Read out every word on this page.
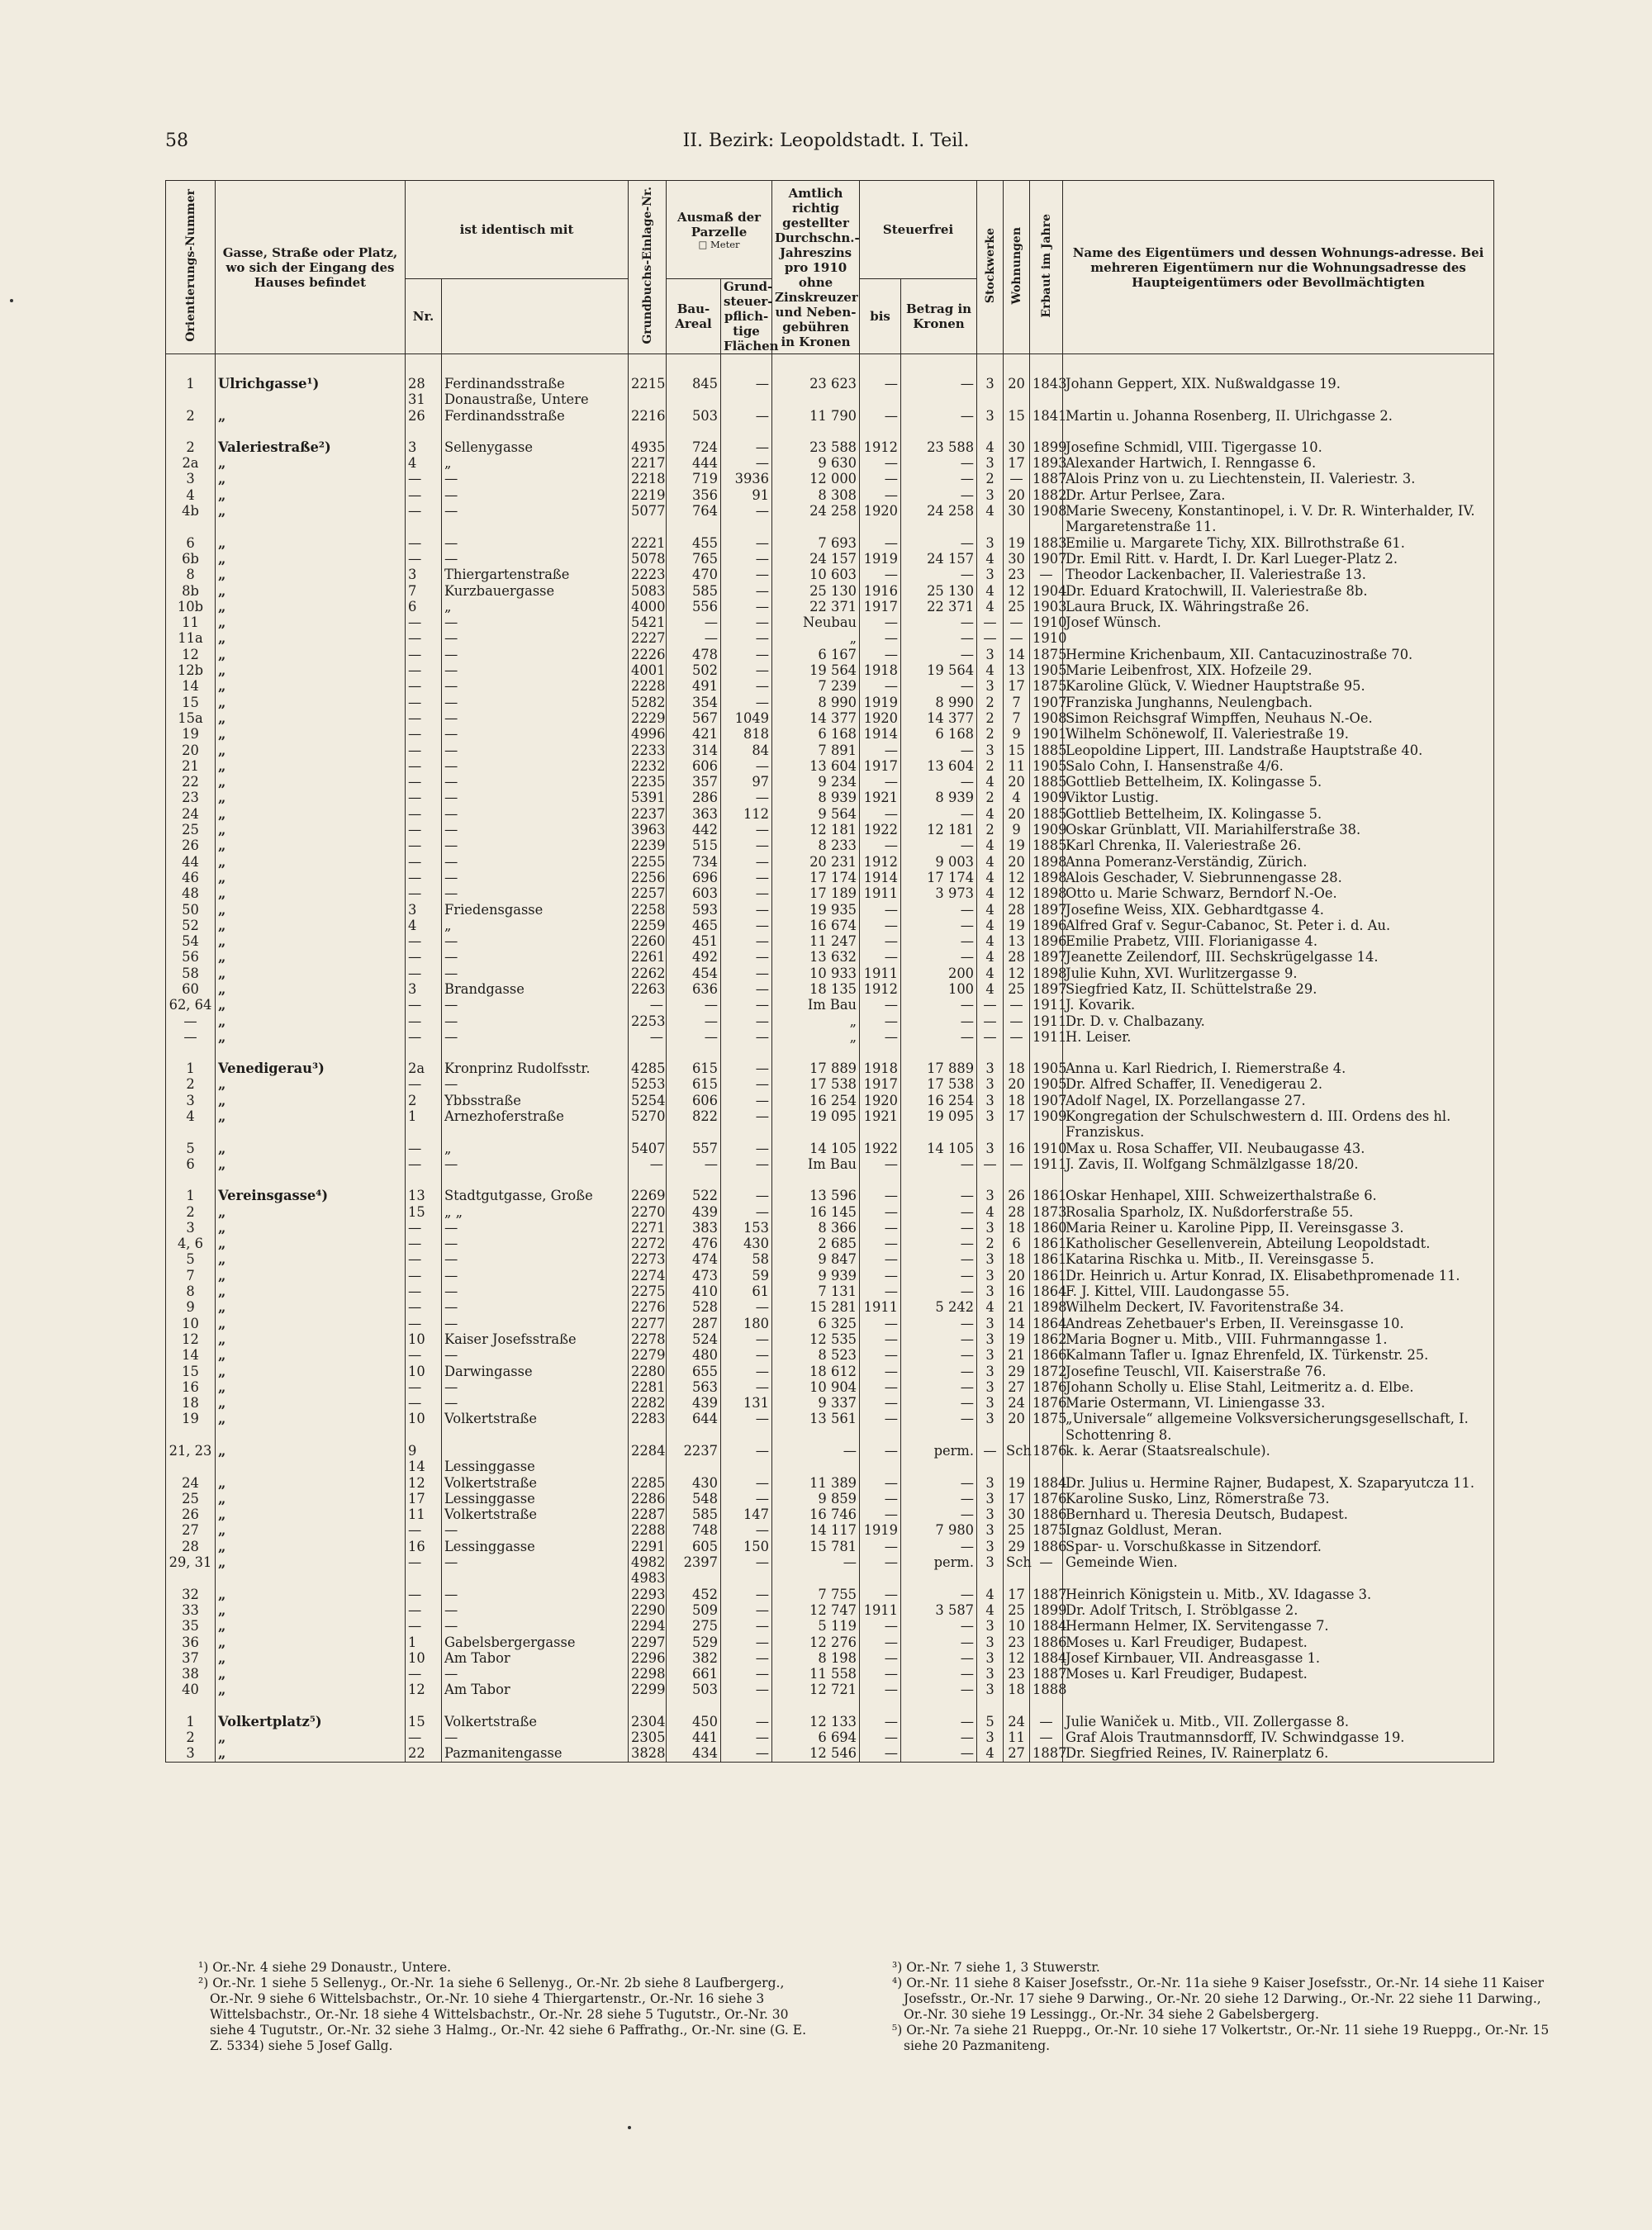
58	II. Bezirk: Leopoldstadt. I. Teil.
Orientierungs-Nummer	Gasse, Straße oder Platz, wo sich der Eingang des Hauses befindet	ist identisch mit		Grundbuchs-Einlage-Nr.	Ausmaß der Parzelle
□ Meter		Amtlich richtig gestellter Durchschn.-Jahreszins pro 1910 ohne Zinskreuzer und Neben-gebühren in Kronen	Steuerfrei		Stockwerke	Wohnungen	Erbaut im Jahre	Name des Eigentümers und dessen Wohnungs-adresse. Bei mehreren Eigentümern nur die Wohnungsadresse des Haupteigentümers oder Bevollmächtigten
		Nr.			Bau-Areal	Grund-steuer-pflich-tige Flächen		bis	Betrag in Kronen				

1	Ulrichgasse¹)	28	Ferdinandsstraße	2215	845	—	23 623	—	—	3	20	1843	Johann Geppert, XIX. Nußwaldgasse 19.
		31	Donaustraße, Untere										
2	„	26	Ferdinandsstraße	2216	503	—	11 790	—	—	3	15	1841	Martin u. Johanna Rosenberg, II. Ulrichgasse 2.

2	Valeriestraße²)	3	Sellenygasse	4935	724	—	23 588	1912	23 588	4	30	1899	Josefine Schmidl, VIII. Tigergasse 10.
2a	„	4	„	2217	444	—	9 630	—	—	3	17	1893	Alexander Hartwich, I. Renngasse 6.
3	„	—	—	2218	719	3936	12 000	—	—	2	—	1887	Alois Prinz von u. zu Liechtenstein, II. Valeriestr. 3.
4	„	—	—	2219	356	91	8 308	—	—	3	20	1882	Dr. Artur Perlsee, Zara.
4b	„	—	—	5077	764	—	24 258	1920	24 258	4	30	1908	Marie Sweceny, Konstantinopel, i. V. Dr. R. Winterhalder, IV. Margaretenstraße 11.
6	„	—	—	2221	455	—	7 693	—	—	3	19	1883	Emilie u. Margarete Tichy, XIX. Billrothstraße 61.
6b	„	—	—	5078	765	—	24 157	1919	24 157	4	30	1907	Dr. Emil Ritt. v. Hardt, I. Dr. Karl Lueger-Platz 2.
8	„	3	Thiergartenstraße	2223	470	—	10 603	—	—	3	23	—	Theodor Lackenbacher, II. Valeriestraße 13.
8b	„	7	Kurzbauergasse	5083	585	—	25 130	1916	25 130	4	12	1904	Dr. Eduard Kratochwill, II. Valeriestraße 8b.
10b	„	6	„	4000	556	—	22 371	1917	22 371	4	25	1903	Laura Bruck, IX. Währingstraße 26.
11	„	—	—	5421	—	—	Neubau	—	—	—	—	1910	Josef Wünsch.
11a	„	—	—	2227	—	—	„	—	—	—	—	1910	
12	„	—	—	2226	478	—	6 167	—	—	3	14	1875	Hermine Krichenbaum, XII. Cantacuzinostraße 70.
12b	„	—	—	4001	502	—	19 564	1918	19 564	4	13	1905	Marie Leibenfrost, XIX. Hofzeile 29.
14	„	—	—	2228	491	—	7 239	—	—	3	17	1875	Karoline Glück, V. Wiedner Hauptstraße 95.
15	„	—	—	5282	354	—	8 990	1919	8 990	2	7	1907	Franziska Junghanns, Neulengbach.
15a	„	—	—	2229	567	1049	14 377	1920	14 377	2	7	1908	Simon Reichsgraf Wimpffen, Neuhaus N.-Oe.
19	„	—	—	4996	421	818	6 168	1914	6 168	2	9	1901	Wilhelm Schönewolf, II. Valeriestraße 19.
20	„	—	—	2233	314	84	7 891	—	—	3	15	1885	Leopoldine Lippert, III. Landstraße Hauptstraße 40.
21	„	—	—	2232	606	—	13 604	1917	13 604	2	11	1905	Salo Cohn, I. Hansenstraße 4/6.
22	„	—	—	2235	357	97	9 234	—	—	4	20	1885	Gottlieb Bettelheim, IX. Kolingasse 5.
23	„	—	—	5391	286	—	8 939	1921	8 939	2	4	1909	Viktor Lustig.
24	„	—	—	2237	363	112	9 564	—	—	4	20	1885	Gottlieb Bettelheim, IX. Kolingasse 5.
25	„	—	—	3963	442	—	12 181	1922	12 181	2	9	1909	Oskar Grünblatt, VII. Mariahilferstraße 38.
26	„	—	—	2239	515	—	8 233	—	—	4	19	1885	Karl Chrenka, II. Valeriestraße 26.
44	„	—	—	2255	734	—	20 231	1912	9 003	4	20	1898	Anna Pomeranz-Verständig, Zürich.
46	„	—	—	2256	696	—	17 174	1914	17 174	4	12	1898	Alois Geschader, V. Siebrunnengasse 28.
48	„	—	—	2257	603	—	17 189	1911	3 973	4	12	1898	Otto u. Marie Schwarz, Berndorf N.-Oe.
50	„	3	Friedensgasse	2258	593	—	19 935	—	—	4	28	1897	Josefine Weiss, XIX. Gebhardtgasse 4.
52	„	4	„	2259	465	—	16 674	—	—	4	19	1896	Alfred Graf v. Segur-Cabanoc, St. Peter i. d. Au.
54	„	—	—	2260	451	—	11 247	—	—	4	13	1896	Emilie Prabetz, VIII. Florianigasse 4.
56	„	—	—	2261	492	—	13 632	—	—	4	28	1897	Jeanette Zeilendorf, III. Sechskrügelgasse 14.
58	„	—	—	2262	454	—	10 933	1911	200	4	12	1898	Julie Kuhn, XVI. Wurlitzergasse 9.
60	„	3	Brandgasse	2263	636	—	18 135	1912	100	4	25	1897	Siegfried Katz, II. Schüttelstraße 29.
62, 64	„	—	—	—	—	—	Im Bau	—	—	—	—	1911	J. Kovarik.
—	„	—	—	2253	—	—	„	—	—	—	—	1911	Dr. D. v. Chalbazany.
—	„	—	—	—	—	—	„	—	—	—	—	1911	H. Leiser.

1	Venedigerau³)	2a	Kronprinz Rudolfsstr.	4285	615	—	17 889	1918	17 889	3	18	1905	Anna u. Karl Riedrich, I. Riemerstraße 4.
2	„	—	—	5253	615	—	17 538	1917	17 538	3	20	1905	Dr. Alfred Schaffer, II. Venedigerau 2.
3	„	2	Ybbsstraße	5254	606	—	16 254	1920	16 254	3	18	1907	Adolf Nagel, IX. Porzellangasse 27.
4	„	1	Arnezhoferstraße	5270	822	—	19 095	1921	19 095	3	17	1909	Kongregation der Schulschwestern d. III. Ordens des hl. Franziskus.
5	„	—	„	5407	557	—	14 105	1922	14 105	3	16	1910	Max u. Rosa Schaffer, VII. Neubaugasse 43.
6	„	—	—	—	—	—	Im Bau	—	—	—	—	1911	J. Zavis, II. Wolfgang Schmälzlgasse 18/20.

1	Vereinsgasse⁴)	13	Stadtgutgasse, Große	2269	522	—	13 596	—	—	3	26	1861	Oskar Henhapel, XIII. Schweizerthalstraße 6.
2	„	15	„ „	2270	439	—	16 145	—	—	4	28	1873	Rosalia Sparholz, IX. Nußdorferstraße 55.
3	„	—	—	2271	383	153	8 366	—	—	3	18	1860	Maria Reiner u. Karoline Pipp, II. Vereinsgasse 3.
4, 6	„	—	—	2272	476	430	2 685	—	—	2	6	1861	Katholischer Gesellenverein, Abteilung Leopoldstadt.
5	„	—	—	2273	474	58	9 847	—	—	3	18	1861	Katarina Rischka u. Mitb., II. Vereinsgasse 5.
7	„	—	—	2274	473	59	9 939	—	—	3	20	1861	Dr. Heinrich u. Artur Konrad, IX. Elisabethpromenade 11.
8	„	—	—	2275	410	61	7 131	—	—	3	16	1864	F. J. Kittel, VIII. Laudongasse 55.
9	„	—	—	2276	528	—	15 281	1911	5 242	4	21	1898	Wilhelm Deckert, IV. Favoritenstraße 34.
10	„	—	—	2277	287	180	6 325	—	—	3	14	1864	Andreas Zehetbauer's Erben, II. Vereinsgasse 10.
12	„	10	Kaiser Josefsstraße	2278	524	—	12 535	—	—	3	19	1862	Maria Bogner u. Mitb., VIII. Fuhrmanngasse 1.
14	„	—	—	2279	480	—	8 523	—	—	3	21	1866	Kalmann Tafler u. Ignaz Ehrenfeld, IX. Türkenstr. 25.
15	„	10	Darwingasse	2280	655	—	18 612	—	—	3	29	1872	Josefine Teuschl, VII. Kaiserstraße 76.
16	„	—	—	2281	563	—	10 904	—	—	3	27	1876	Johann Scholly u. Elise Stahl, Leitmeritz a. d. Elbe.
18	„	—	—	2282	439	131	9 337	—	—	3	24	1876	Marie Ostermann, VI. Liniengasse 33.
19	„	10	Volkertstraße	2283	644	—	13 561	—	—	3	20	1875	„Universale“ allgemeine Volksversicherungsgesellschaft, I. Schottenring 8.
21, 23	„	9		2284	2237	—	—	—	perm.	—	Sch	1876	k. k. Aerar (Staatsrealschule).
		14	Lessinggasse										
24	„	12	Volkertstraße	2285	430	—	11 389	—	—	3	19	1884	Dr. Julius u. Hermine Rajner, Budapest, X. Szaparyutcza 11.
25	„	17	Lessinggasse	2286	548	—	9 859	—	—	3	17	1876	Karoline Susko, Linz, Römerstraße 73.
26	„	11	Volkertstraße	2287	585	147	16 746	—	—	3	30	1886	Bernhard u. Theresia Deutsch, Budapest.
27	„	—	—	2288	748	—	14 117	1919	7 980	3	25	1875	Ignaz Goldlust, Meran.
28	„	16	Lessinggasse	2291	605	150	15 781	—	—	3	29	1886	Spar- u. Vorschußkasse in Sitzendorf.
29, 31	„	—	—	4982	2397	—	—	—	perm.	3	Sch	—	Gemeinde Wien.
				4983									
32	„	—	—	2293	452	—	7 755	—	—	4	17	1887	Heinrich Königstein u. Mitb., XV. Idagasse 3.
33	„	—	—	2290	509	—	12 747	1911	3 587	4	25	1899	Dr. Adolf Tritsch, I. Ströblgasse 2.
35	„	—	—	2294	275	—	5 119	—	—	3	10	1884	Hermann Helmer, IX. Servitengasse 7.
36	„	1	Gabelsbergergasse	2297	529	—	12 276	—	—	3	23	1886	Moses u. Karl Freudiger, Budapest.
37	„	10	Am Tabor	2296	382	—	8 198	—	—	3	12	1884	Josef Kirnbauer, VII. Andreasgasse 1.
38	„	—	—	2298	661	—	11 558	—	—	3	23	1887	Moses u. Karl Freudiger, Budapest.
40	„	12	Am Tabor	2299	503	—	12 721	—	—	3	18	1888	

1	Volkertplatz⁵)	15	Volkertstraße	2304	450	—	12 133	—	—	5	24	—	Julie Waniček u. Mitb., VII. Zollergasse 8.
2	„	—	—	2305	441	—	6 694	—	—	3	11	—	Graf Alois Trautmannsdorff, IV. Schwindgasse 19.
3	„	22	Pazmanitengasse	3828	434	—	12 546	—	—	4	27	1887	Dr. Siegfried Reines, IV. Rainerplatz 6.

¹) Or.-Nr. 4 siehe 29 Donaustr., Untere.

²) Or.-Nr. 1 siehe 5 Sellenyg., Or.-Nr. 1a siehe 6 Sellenyg., Or.-Nr. 2b siehe 8 Laufbergerg., Or.-Nr. 9 siehe 6 Wittelsbachstr., Or.-Nr. 10 siehe 4 Thiergartenstr., Or.-Nr. 16 siehe 3 Wittelsbachstr., Or.-Nr. 18 siehe 4 Wittelsbachstr., Or.-Nr. 28 siehe 5 Tugutstr., Or.-Nr. 30 siehe 4 Tugutstr., Or.-Nr. 32 siehe 3 Halmg., Or.-Nr. 42 siehe 6 Paffrathg., Or.-Nr. sine (G. E. Z. 5334) siehe 5 Josef Gallg.

³) Or.-Nr. 7 siehe 1, 3 Stuwerstr.

⁴) Or.-Nr. 11 siehe 8 Kaiser Josefsstr., Or.-Nr. 11a siehe 9 Kaiser Josefsstr., Or.-Nr. 14 siehe 11 Kaiser Josefsstr., Or.-Nr. 17 siehe 9 Darwing., Or.-Nr. 20 siehe 12 Darwing., Or.-Nr. 22 siehe 11 Darwing., Or.-Nr. 30 siehe 19 Lessingg., Or.-Nr. 34 siehe 2 Gabelsbergerg.

⁵) Or.-Nr. 7a siehe 21 Rueppg., Or.-Nr. 10 siehe 17 Volkertstr., Or.-Nr. 11 siehe 19 Rueppg., Or.-Nr. 15 siehe 20 Pazmaniteng.
